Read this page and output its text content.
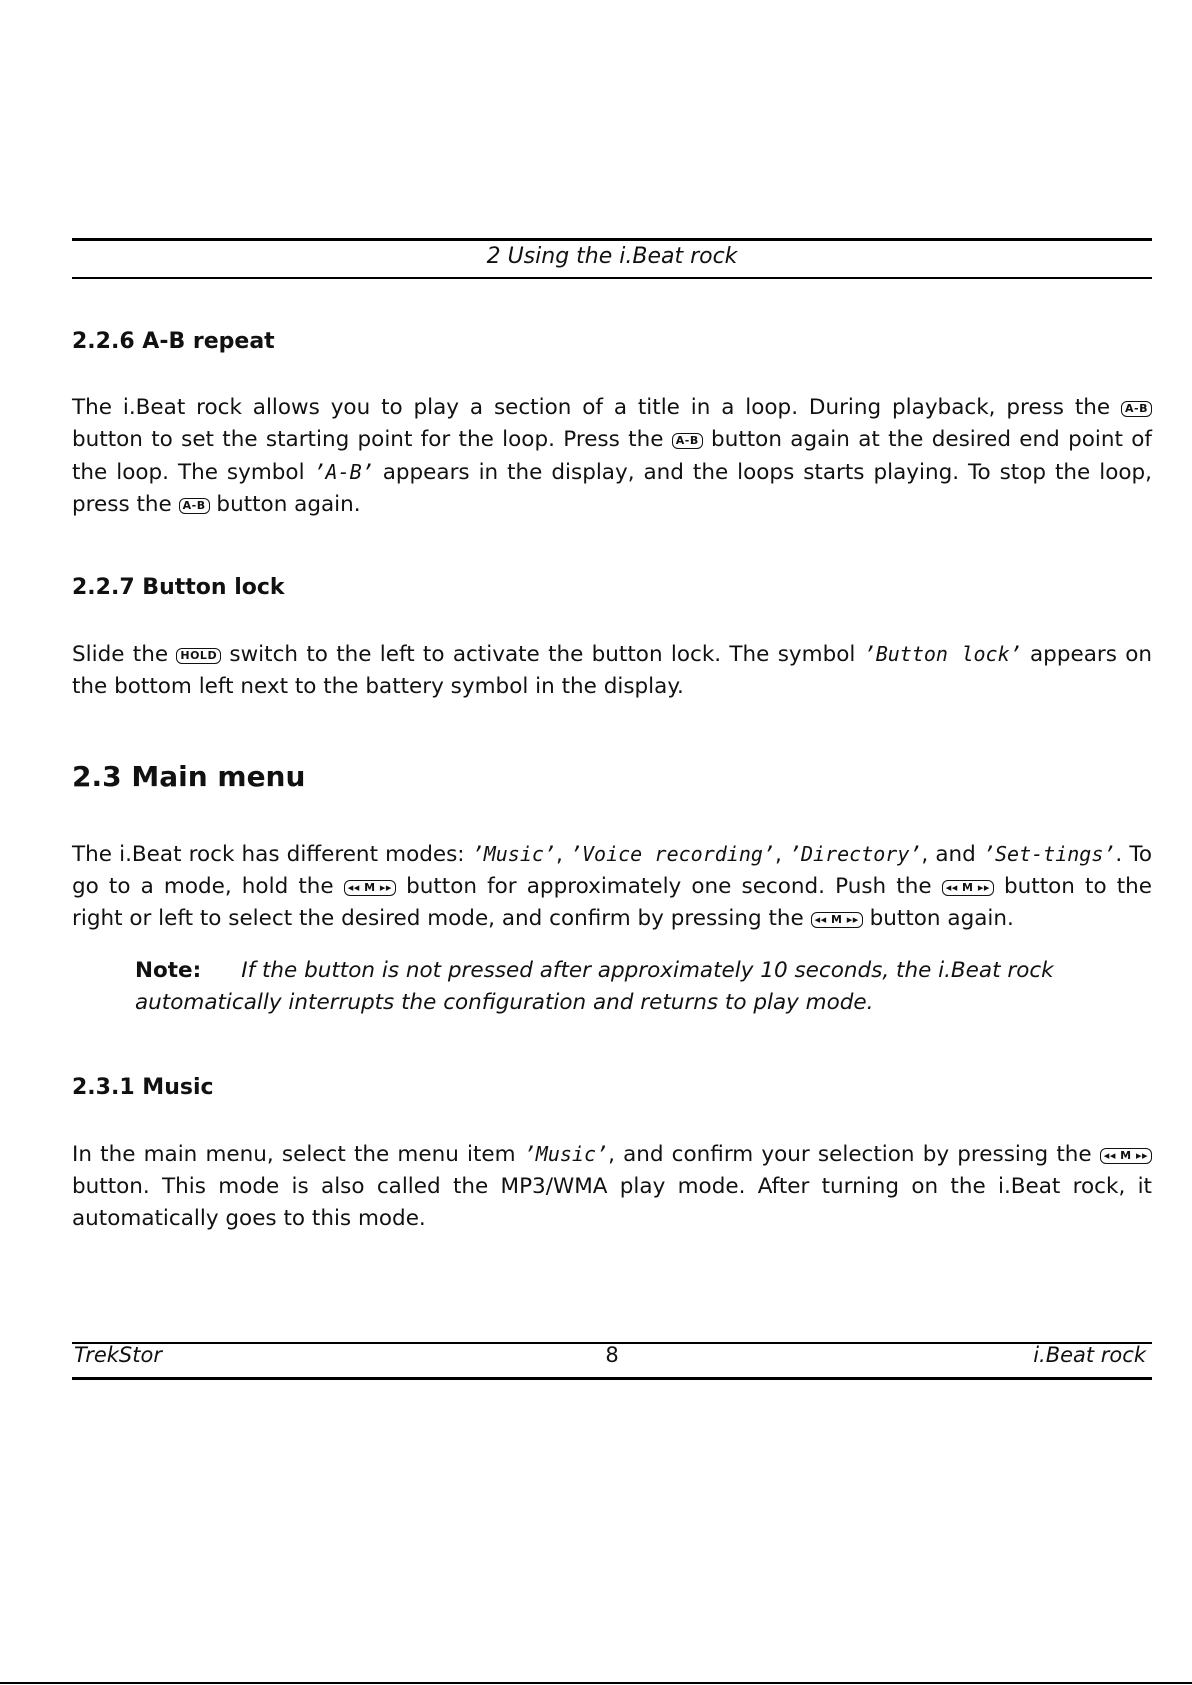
2 Using the i.Beat rock
2.2.6 A-B repeat

The i.Beat rock allows you to play a section of a title in a loop. During playback, press the A-B button to set the starting point for the loop. Press the A-B button again at the desired end point of the loop. The symbol ’A-B’ appears in the display, and the loops starts playing. To stop the loop, press the A-B button again.

2.2.7 Button lock

Slide the HOLD switch to the left to activate the button lock. The symbol ’Button lock’ appears on the bottom left next to the battery symbol in the display.

2.3 Main menu

The i.Beat rock has different modes: ’Music’, ’Voice recording’, ’Directory’, and ’Set-tings’. To go to a mode, hold the ◂◂ M ▸▸ button for approximately one second. Push the ◂◂ M ▸▸ button to the right or left to select the desired mode, and confirm by pressing the ◂◂ M ▸▸ button again.

Note: If the button is not pressed after approximately 10 seconds, the i.Beat rock automatically interrupts the configuration and returns to play mode.

2.3.1 Music

In the main menu, select the menu item ’Music’, and confirm your selection by pressing the ◂◂ M ▸▸ button. This mode is also called the MP3/WMA play mode. After turning on the i.Beat rock, it automatically goes to this mode.

TrekStor	8	i.Beat rock
